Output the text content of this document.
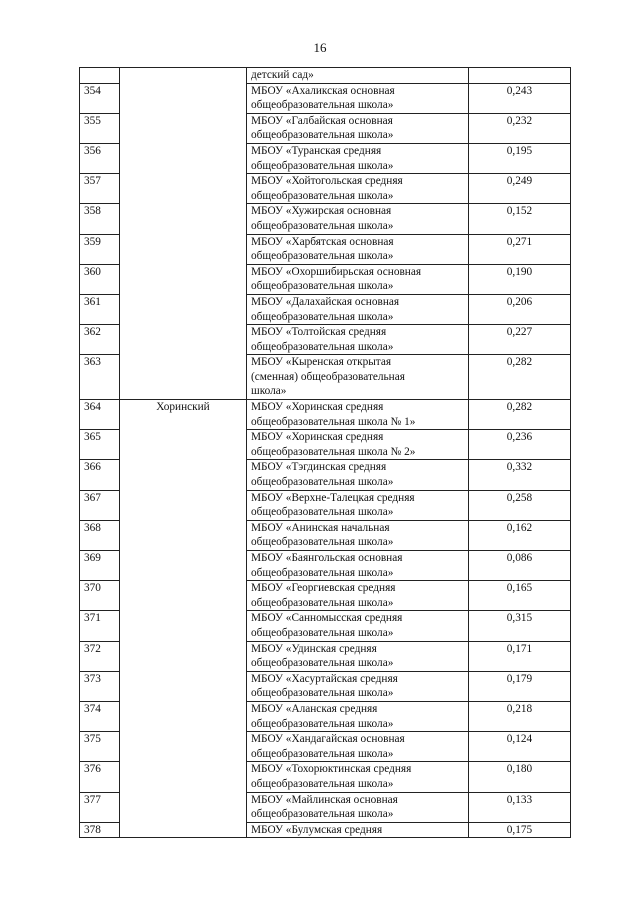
16
		детский сад»	
354		МБОУ «Ахаликская основная
общеобразовательная школа»	0,243
355		МБОУ «Галбайская основная
общеобразовательная школа»	0,232
356		МБОУ «Туранская средняя
общеобразовательная школа»	0,195
357		МБОУ «Хойтогольская средняя
общеобразовательная школа»	0,249
358		МБОУ «Хужирская основная
общеобразовательная школа»	0,152
359		МБОУ «Харбятская основная
общеобразовательная школа»	0,271
360		МБОУ «Охоршибирьская основная
общеобразовательная школа»	0,190
361		МБОУ «Далахайская основная
общеобразовательная школа»	0,206
362		МБОУ «Толтойская средняя
общеобразовательная школа»	0,227
363		МБОУ «Кыренская открытая
(сменная) общеобразовательная
школа»	0,282
364	Хоринский	МБОУ «Хоринская средняя
общеобразовательная школа № 1»	0,282
365		МБОУ «Хоринская средняя
общеобразовательная школа № 2»	0,236
366		МБОУ «Тэгдинская средняя
общеобразовательная школа»	0,332
367		МБОУ «Верхне-Талецкая средняя
общеобразовательная школа»	0,258
368		МБОУ «Анинская начальная
общеобразовательная школа»	0,162
369		МБОУ «Баянгольская основная
общеобразовательная школа»	0,086
370		МБОУ «Георгиевская средняя
общеобразовательная школа»	0,165
371		МБОУ «Санномысская средняя
общеобразовательная школа»	0,315
372		МБОУ «Удинская средняя
общеобразовательная школа»	0,171
373		МБОУ «Хасуртайская средняя
общеобразовательная школа»	0,179
374		МБОУ «Аланская средняя
общеобразовательная школа»	0,218
375		МБОУ «Хандагайская основная
общеобразовательная школа»	0,124
376		МБОУ «Тохорюктинская средняя
общеобразовательная школа»	0,180
377		МБОУ «Майлинская основная
общеобразовательная школа»	0,133
378		МБОУ «Булумская средняя	0,175
